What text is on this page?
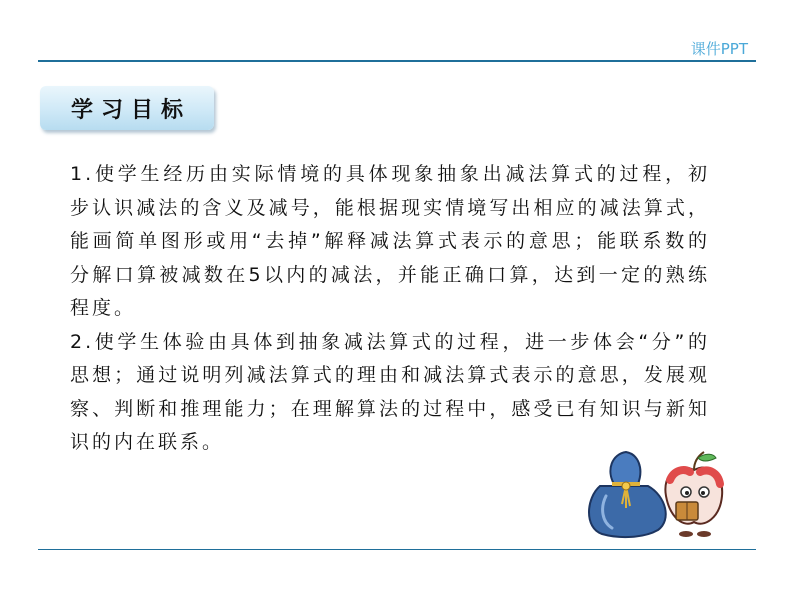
课件PPT
学习目标

1.使学生经历由实际情境的具体现象抽象出减法算式的过程，初步认识减法的含义及减号，能根据现实情境写出相应的减法算式，能画简单图形或用“去掉”解释减法算式表示的意思；能联系数的分解口算被减数在5以内的减法，并能正确口算，达到一定的熟练程度。

2.使学生体验由具体到抽象减法算式的过程，进一步体会“分”的思想；通过说明列减法算式的理由和减法算式表示的意思，发展观察、判断和推理能力；在理解算法的过程中，感受已有知识与新知识的内在联系。
